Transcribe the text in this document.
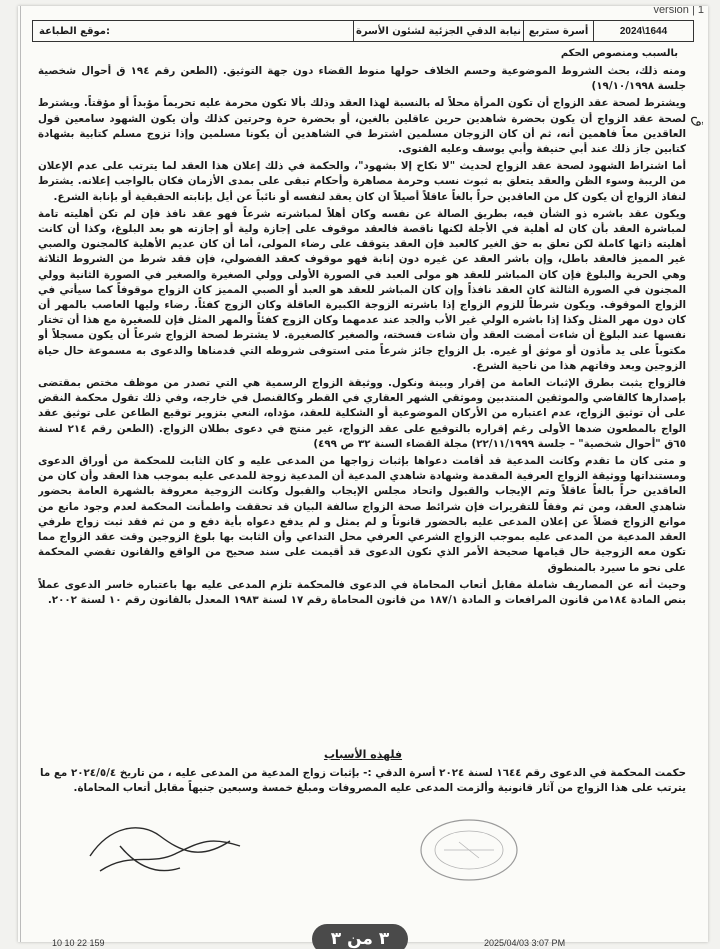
version | 1
2024\1644
أسرة ستربع
نيابة الدقي الجزئية لشئون الأسرة
موقع الطباعة:
بالسبب ومنصوص الحكم
ق

ومنه ذلك، بحث الشروط الموضوعية وحسم الخلاف حولها منوط القضاء دون جهة التوثيق. (الطعن رقم ١٩٤ ق أحوال شخصية جلسة ١٩/١٠/١٩٩٨)

ويشترط لصحة عقد الزواج أن تكون المرأة محلاً له بالنسبة لهذا العقد وذلك بألا تكون محرمة عليه تحريماً مؤبداً أو مؤقتاً. ويشترط لصحة عقد الزواج أن يكون بحضرة شاهدين حرين عاقلين بالغين، أو بحضرة حرة وحرتين كذلك وأن يكون الشهود سامعين قول العاقدين معاً فاهمين أنه، ثم أن كان الزوجان مسلمين اشترط في الشاهدين أن يكونا مسلمين وإذا تزوج مسلم كتابية بشهادة كتابين جاز ذلك عند أبي حنيفة وأبي يوسف وعليه الفتوى.

أما اشتراط الشهود لصحة عقد الزواج لحديث "لا نكاح إلا بشهود"، والحكمة في ذلك إعلان هذا العقد لما يترتب على عدم الإعلان من الريبة وسوء الظن والعقد يتعلق به ثبوت نسب وحرمة مصاهرة وأحكام تبقى على بمدى الأزمان فكان بالواجب إعلانه. يشترط لنفاذ الزواج أن يكون كل من العاقدين حراً بالغاً عاقلاً أصيلاً ان كان يعقد لنفسه أو نائباً عن أيل بإنابته الحقيقية أو بإنابة الشرع.

ويكون عقد باشره ذو الشأن فيه، بطريق الصالة عن نفسه وكان أهلاً لمباشرته شرعاً فهو عقد نافذ فإن لم تكن أهليته تامة لمباشرة العقد بأن كان له أهلية في الأجلة لكنها ناقصة فالعقد موقوف على إجازة ولية أو إجازته هو بعد البلوغ، وكذا أن كانت أهليته ذاتها كاملة لكن تعلق به حق الغير كالعبد فإن العقد يتوقف على رضاء المولى، أما أن كان عديم الأهلية كالمجنون والصبي غير المميز فالعقد باطل، وإن باشر العقد عن غيره دون إنابة فهو موقوف كعقد الفضولي، فإن فقد شرط من الشروط الثلاثة وهي الحرية والبلوغ فإن كان المباشر للعقد هو مولى العبد في الصورة الأولى وولي الصغيرة والصغير في الصورة الثانية وولي المجنون في الصورة الثالثة كان العقد نافذاً وإن كان المباشر للعقد هو العبد أو الصبي المميز كان الزواج موقوفاً كما سيأتي في الزواج الموقوف. ويكون شرطاً للزوم الزواج إذا باشرته الزوجة الكبيرة العاقلة وكان الزوج كفئاً. رضاء وليها العاصب بالمهر أن كان دون مهر المثل وكذا إذا باشره الولي غير الأب والجد عند عدمهما وكان الزوج كفئاً والمهر المثل فإن للصغيرة مع هذا أن تختار نفسها عند البلوغ أن شاءت أمضت العقد وأن شاءت فسخته، والصغير كالصغيرة. لا يشترط لصحة الزواج شرعاً أن يكون مسجلاً أو مكتوباً على يد مأذون أو موثق أو غيره. بل الزواج جائز شرعاً متى استوفى شروطه التي قدمناها والدعوى به مسموعة حال حياة الزوجين وبعد وفاتهم هذا من ناحية الشرع.

فالزواج يثبت بطرق الإثبات العامة من إقرار وبينة ونكول. ووثيقة الزواج الرسمية هي التي تصدر من موظف مختص بمقتضى بإصدارها كالقاضي والموثقين المنتدبين وموثقي الشهر العقاري في القطر وكالقنصل في خارجه، وفي ذلك تقول محكمة النقض على أن توثيق الزواج، عدم اعتباره من الأركان الموضوعية أو الشكلية للعقد، مؤداه، النعي بتزوير توقيع الطاعن على توثيق عقد الواج بالمطعون ضدها الأولى رغم إقراره بالتوقيع على عقد الزواج، غير منتج في دعوى بطلان الزواج. (الطعن رقم ٢١٤ لسنة ٦٥ق "أحوال شخصية" – جلسة ٢٢/١١/١٩٩٩) مجلة القضاء السنة ٣٢ ص ٤٩٩)

و متى كان ما تقدم وكانت المدعية قد أقامت دعواها بإثبات زواجها من المدعى عليه و كان الثابت للمحكمة من أوراق الدعوى ومستنداتها ووثيقة الزواج العرفية المقدمة وشهادة شاهدي المدعية أن المدعية زوجة للمدعى عليه بموجب هذا العقد وأن كان من العاقدين حراً بالغاً عاقلاً وتم الإيجاب والقبول واتحاد مجلس الإيجاب والقبول وكانت الزوجية معروفة بالشهرة العامة بحضور شاهدي العقد، ومن ثم وفقاً للتقريرات فإن شرائط صحة الزواج سالفة البيان قد تحققت واطمأنت المحكمة لعدم وجود مانع من موانع الزواج فضلاً عن إعلان المدعى عليه بالحضور قانوناً و لم يمثل و لم يدفع دعواه بأية دفع و من ثم فقد ثبت زواج طرفي العقد المدعية من المدعى عليه بموجب الزواج الشرعي العرفي محل التداعي وأن الثابت بها بلوغ الزوجين وقت عقد الزواج مما تكون معه الزوجية حال قيامها صحيحة الأمر الذي تكون الدعوى قد أقيمت على سند صحيح من الواقع والقانون تقضي المحكمة على نحو ما سيرد بالمنطوق

وحيث أنه عن المصاريف شاملة مقابل أتعاب المحاماة في الدعوى فالمحكمة تلزم المدعى عليه بها باعتباره خاسر الدعوى عملاً بنص المادة ١٨٤من قانون المرافعات و المادة ١٨٧/١ من قانون المحاماة رقم ١٧ لسنة ١٩٨٣ المعدل بالقانون رقم ١٠ لسنة ٢٠٠٢.

فلهذه الأسباب
حكمت المحكمة في الدعوى رقم ١٦٤٤ لسنة ٢٠٢٤ أسرة الدقي :- بإثبات زواج المدعية من المدعى عليه ، من تاريخ ٢٠٢٤/٥/٤ مع ما يترتب على هذا الزواج من آثار قانونية وألزمت المدعى عليه المصروفات ومبلغ خمسة وسبعين جنيهاً مقابل أتعاب المحاماة.
10 10 22 159	2025/04/03 3:07 PM
٣ من ٣
